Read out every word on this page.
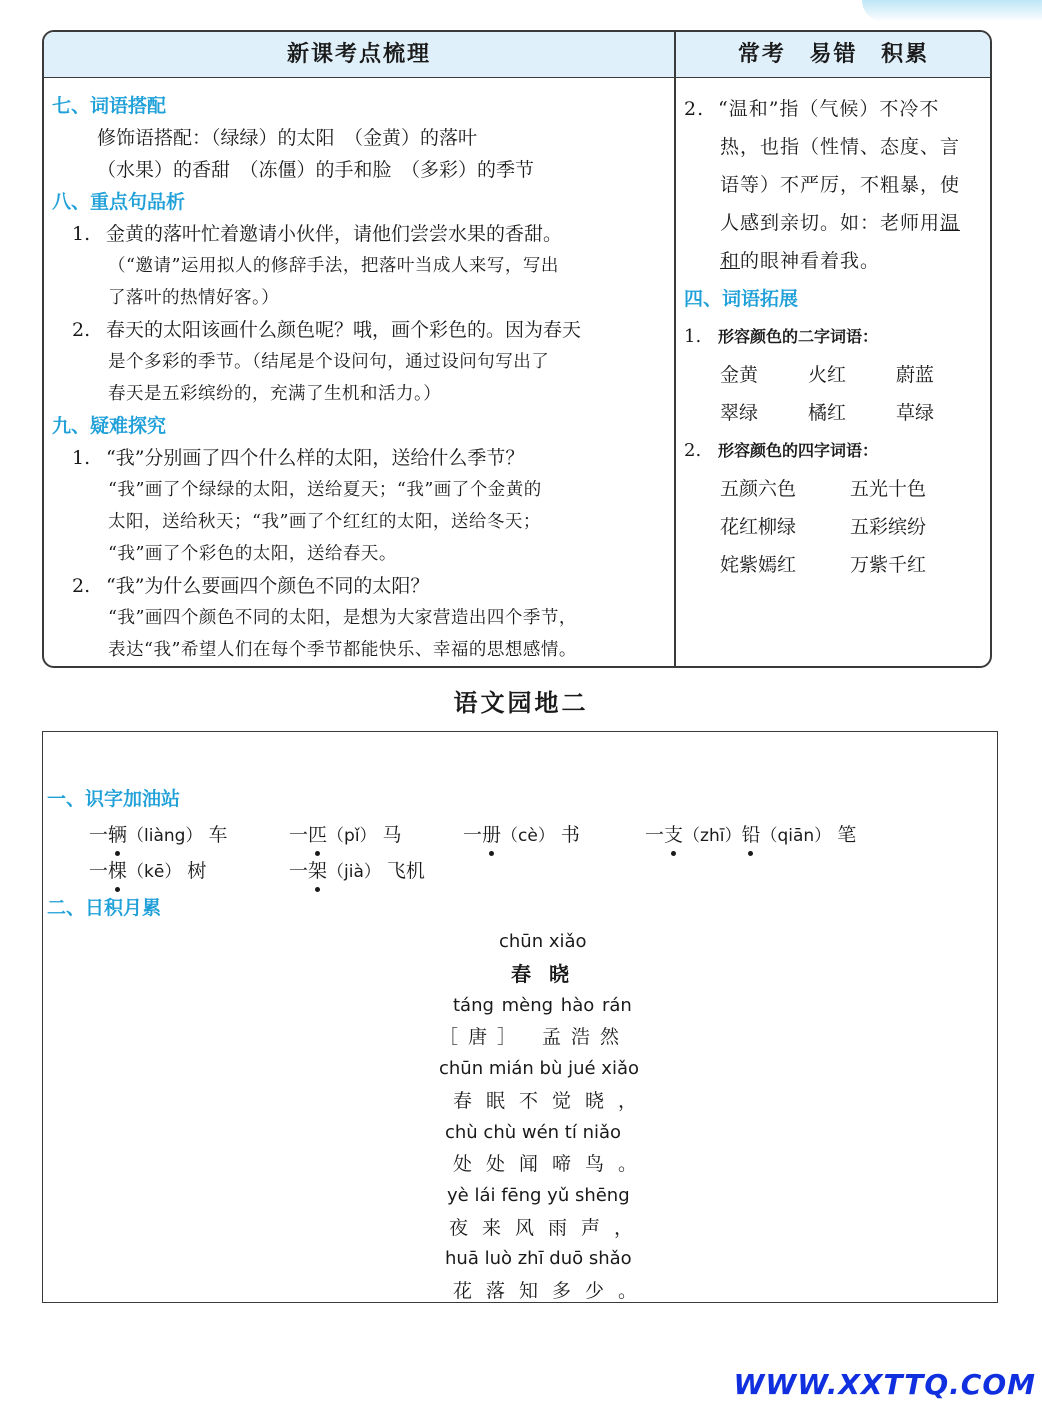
新课考点梳理	常考 易错 积累
七、词语搭配
修饰语搭配：（绿绿）的太阳　（金黄）的落叶
（水果）的香甜　（冻僵）的手和脸　（多彩）的季节
八、重点句品析
1. 金黄的落叶忙着邀请小伙伴，请他们尝尝水果的香甜。
（“邀请”运用拟人的修辞手法，把落叶当成人来写，写出
了落叶的热情好客。）
2. 春天的太阳该画什么颜色呢？哦，画个彩色的。因为春天
是个多彩的季节。（结尾是个设问句，通过设问句写出了
春天是五彩缤纷的，充满了生机和活力。）
九、疑难探究
1. “我”分别画了四个什么样的太阳，送给什么季节？
“我”画了个绿绿的太阳，送给夏天；“我”画了个金黄的
太阳，送给秋天；“我”画了个红红的太阳，送给冬天；
“我”画了个彩色的太阳，送给春天。
2. “我”为什么要画四个颜色不同的太阳？
“我”画四个颜色不同的太阳，是想为大家营造出四个季节，
表达“我”希望人们在每个季节都能快乐、幸福的思想感情。
2. “温和”指（气候）不冷不
热，也指（性情、态度、言
语等）不严厉，不粗暴，使
人感到亲切。如：老师用温
和的眼神看着我。
四、词语拓展
1. 形容颜色的二字词语：
金黄	火红	蔚蓝
翠绿	橘红	草绿
2. 形容颜色的四字词语：
五颜六色	五光十色
花红柳绿	五彩缤纷
姹紫嫣红	万紫千红
语文园地二
一、识字加油站
一辆（liàng） 车	一匹（pǐ） 马	一册（cè） 书	一支（zhī）铅（qiān） 笔
一棵（kē） 树	一架（jià） 飞机
二、日积月累
chūn xiǎo
春晓
táng mèng hào rán
［唐］ 孟浩然
chūn mián bù jué xiǎo
春眠不觉晓，
chù chù wén tí niǎo
处处闻啼鸟。
yè lái fēng yǔ shēng
夜来风雨声，
huā luò zhī duō shǎo
花落知多少。
WWW.XXTTQ.COM
